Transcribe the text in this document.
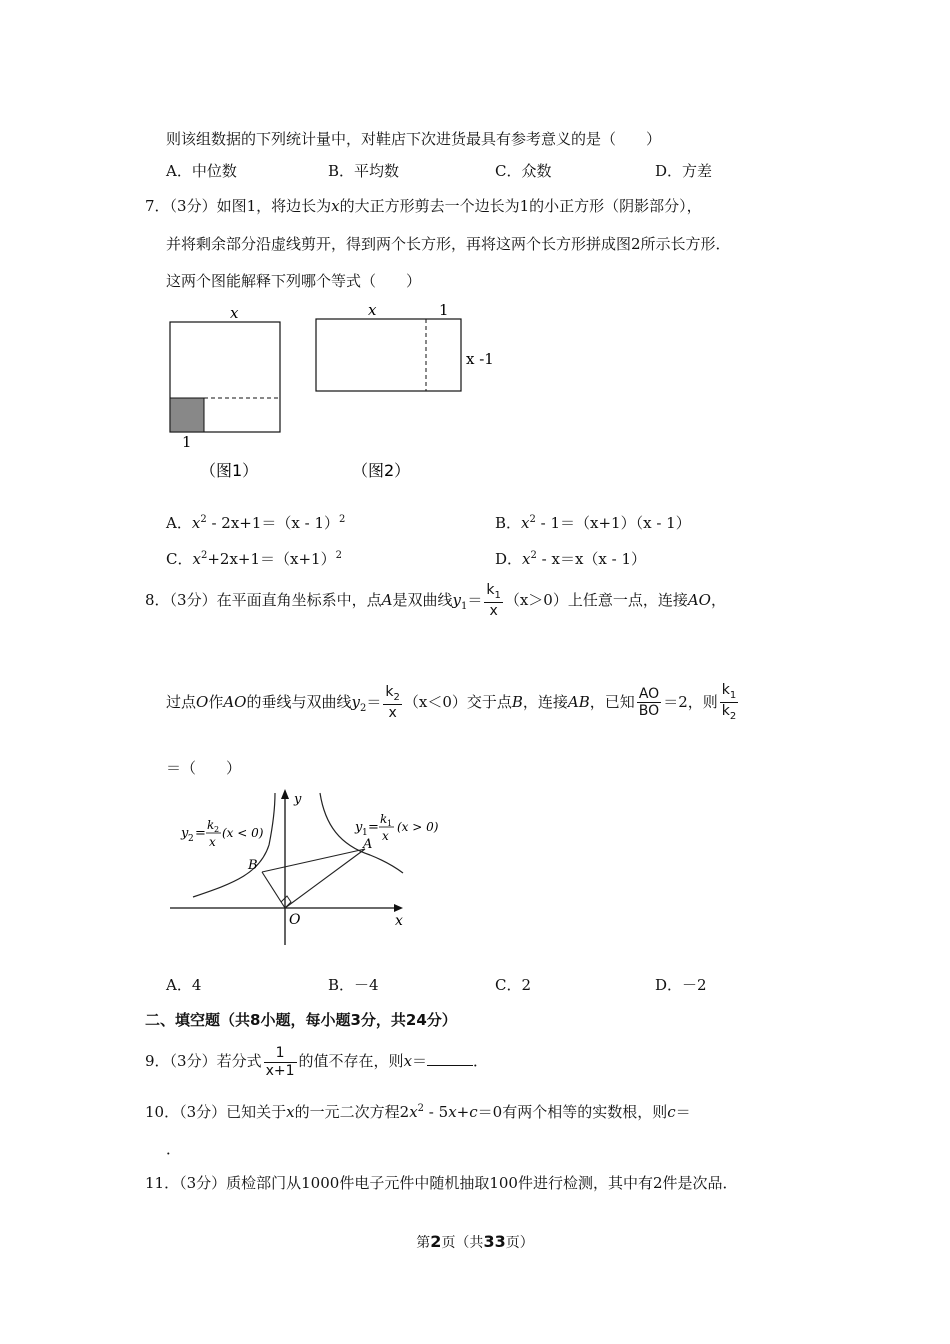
则该组数据的下列统计量中，对鞋店下次进货最具有参考意义的是（　　）
A．中位数	B．平均数	C．众数	D．方差
7．（3分）如图1，将边长为x的大正方形剪去一个边长为1的小正方形（阴影部分），
并将剩余部分沿虚线剪开，得到两个长方形，再将这两个长方形拼成图2所示长方形．
这两个图能解释下列哪个等式（　　）
x
1
（图1）
x	1
x -1
（图2）
A．$x^2 - 2x+1=(x - 1)^2$	B．$x^2 - 1=(x+1)(x - 1)$
C．$x^2+2x+1=(x+1)^2$	D．$x^2 - x=x(x - 1)$
8．（3分）在平面直角坐标系中，点A是双曲线$y_1= \frac{k_1}{x} (x>0)$上任意一点，连接AO，
过点O作AO的垂线与双曲线$y_2= \frac{k_2}{x} (x<0)$交于点B，连接AB，已知 $\frac{AO}{BO} =2$，则 $\frac{k_1}{k_2}$
＝（　　）
y
x
A
B
O
y 2 =
k 2
x
(x < 0)	y 1 =
k 1
x
(x > 0)
A．4	B．－4	C．2	D．－2
二、填空题（共8小题，每小题3分，共24分）
9．（3分）若分式 $\frac{1}{x+1}$ 的值不存在，则x＝	．
10．（3分）已知关于x的一元二次方程$2x^2 - 5x+c=0$有两个相等的实数根，则c＝
．
11．（3分）质检部门从1000件电子元件中随机抽取100件进行检测，其中有2件是次品．
第2页（共33页）
